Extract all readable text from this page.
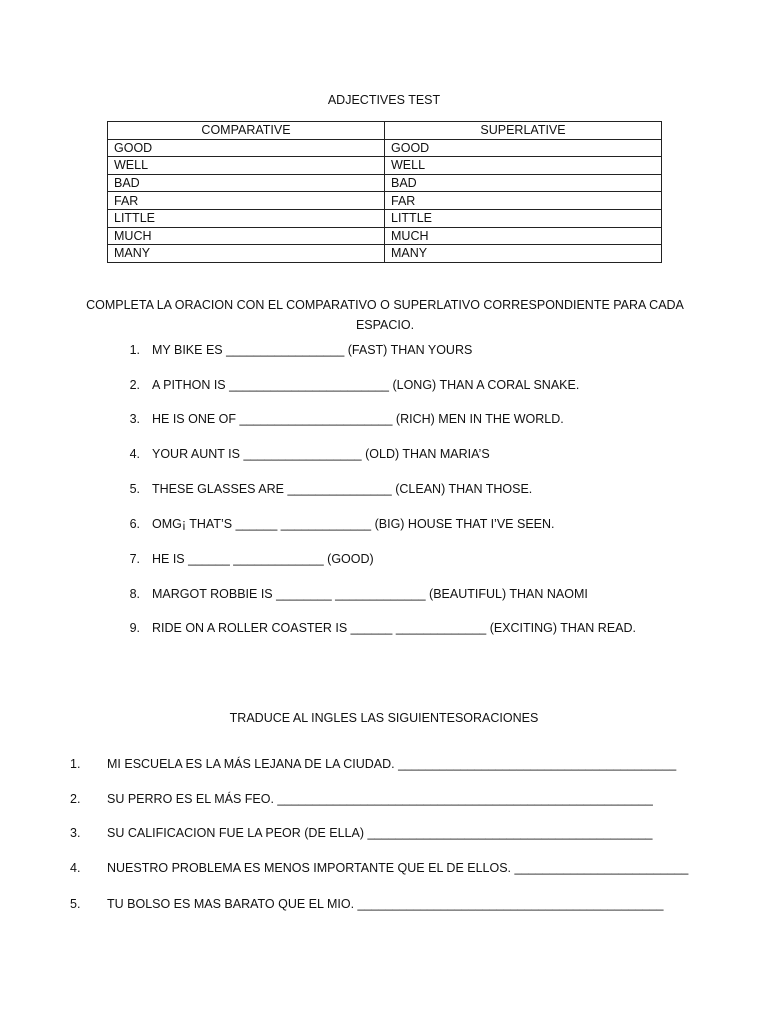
ADJECTIVES TEST
COMPARATIVE	SUPERLATIVE
GOOD	GOOD
WELL	WELL
BAD	BAD
FAR	FAR
LITTLE	LITTLE
MUCH	MUCH
MANY	MANY
COMPLETA LA ORACION CON EL COMPARATIVO O SUPERLATIVO CORRESPONDIENTE PARA CADA ESPACIO.
1. MY BIKE ES _________________ (FAST) THAN YOURS
2. A PITHON IS _______________________ (LONG) THAN A CORAL SNAKE.
3. HE IS ONE OF ______________________ (RICH) MEN IN THE WORLD.
4. YOUR AUNT IS _________________ (OLD) THAN MARIA’S
5. THESE GLASSES ARE _______________ (CLEAN) THAN THOSE.
6. OMG¡ THAT’S ______ _____________ (BIG) HOUSE THAT I’VE SEEN.
7. HE IS ______ _____________ (GOOD)
8. MARGOT ROBBIE IS ________ _____________ (BEAUTIFUL) THAN NAOMI
9. RIDE ON A ROLLER COASTER IS ______ _____________ (EXCITING) THAN READ.
TRADUCE AL INGLES LAS SIGUIENTESORACIONES
1. MI ESCUELA ES LA MÁS LEJANA DE LA CIUDAD. ________________________________________
2. SU PERRO ES EL MÁS FEO. ______________________________________________________
3. SU CALIFICACION FUE LA PEOR (DE ELLA) _________________________________________
4. NUESTRO PROBLEMA ES MENOS IMPORTANTE QUE EL DE ELLOS. _________________________
5. TU BOLSO ES MAS BARATO QUE EL MIO. ____________________________________________
